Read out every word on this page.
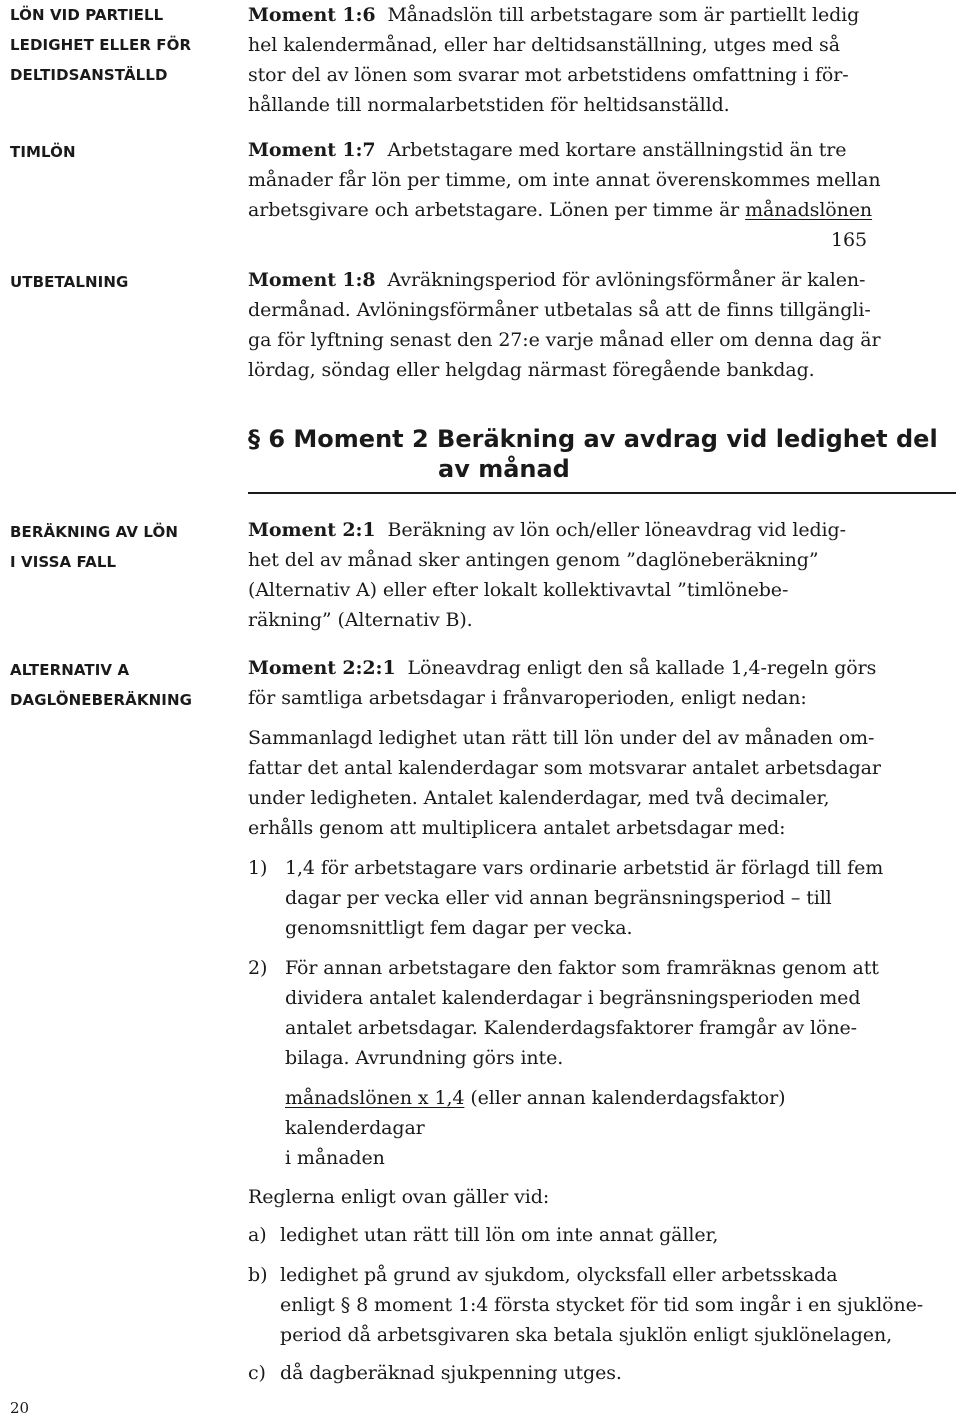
LÖN VID PARTIELL
LEDIGHET ELLER FÖR
DELTIDSANSTÄLLD
TIMLÖN
UTBETALNING
BERÄKNING AV LÖN
I VISSA FALL
ALTERNATIV A
DAGLÖNEBERÄKNING
Moment 1:6 Månadslön till arbetstagare som är partiellt ledig
hel kalendermånad, eller har deltidsanställning, utges med så
stor del av lönen som svarar mot arbetstidens omfattning i för-
hållande till normalarbetstiden för heltidsanställd.
Moment 1:7 Arbetstagare med kortare anställningstid än tre
månader får lön per timme, om inte annat överenskommes mellan
arbetsgivare och arbetstagare. Lönen per timme är månadslönen
165
Moment 1:8 Avräkningsperiod för avlöningsförmåner är kalen-
dermånad. Avlöningsförmåner utbetalas så att de finns tillgängli-
ga för lyftning senast den 27:e varje månad eller om denna dag är
lördag, söndag eller helgdag närmast föregående bankdag.
§ 6 Moment 2 Beräkning av avdrag vid ledighet del
av månad
Moment 2:1 Beräkning av lön och/eller löneavdrag vid ledig-
het del av månad sker antingen genom ”daglöneberäkning”
(Alternativ A) eller efter lokalt kollektivavtal ”timlönebe-
räkning” (Alternativ B).
Moment 2:2:1 Löneavdrag enligt den så kallade 1,4-regeln görs
för samtliga arbetsdagar i frånvaroperioden, enligt nedan:
Sammanlagd ledighet utan rätt till lön under del av månaden om-
fattar det antal kalenderdagar som motsvarar antalet arbetsdagar
under ledigheten. Antalet kalenderdagar, med två decimaler,
erhålls genom att multiplicera antalet arbetsdagar med:
1) 1,4 för arbetstagare vars ordinarie arbetstid är förlagd till fem
dagar per vecka eller vid annan begränsningsperiod – till
genomsnittligt fem dagar per vecka.
2) För annan arbetstagare den faktor som framräknas genom att
dividera antalet kalenderdagar i begränsningsperioden med
antalet arbetsdagar. Kalenderdagsfaktorer framgår av löne-
bilaga. Avrundning görs inte.
månadslönen x 1,4 (eller annan kalenderdagsfaktor)
kalenderdagar
i månaden
Reglerna enligt ovan gäller vid:
a) ledighet utan rätt till lön om inte annat gäller,
b) ledighet på grund av sjukdom, olycksfall eller arbetsskada
enligt § 8 moment 1:4 första stycket för tid som ingår i en sjuklöne-
period då arbetsgivaren ska betala sjuklön enligt sjuklönelagen,
c) då dagberäknad sjukpenning utges.
20
